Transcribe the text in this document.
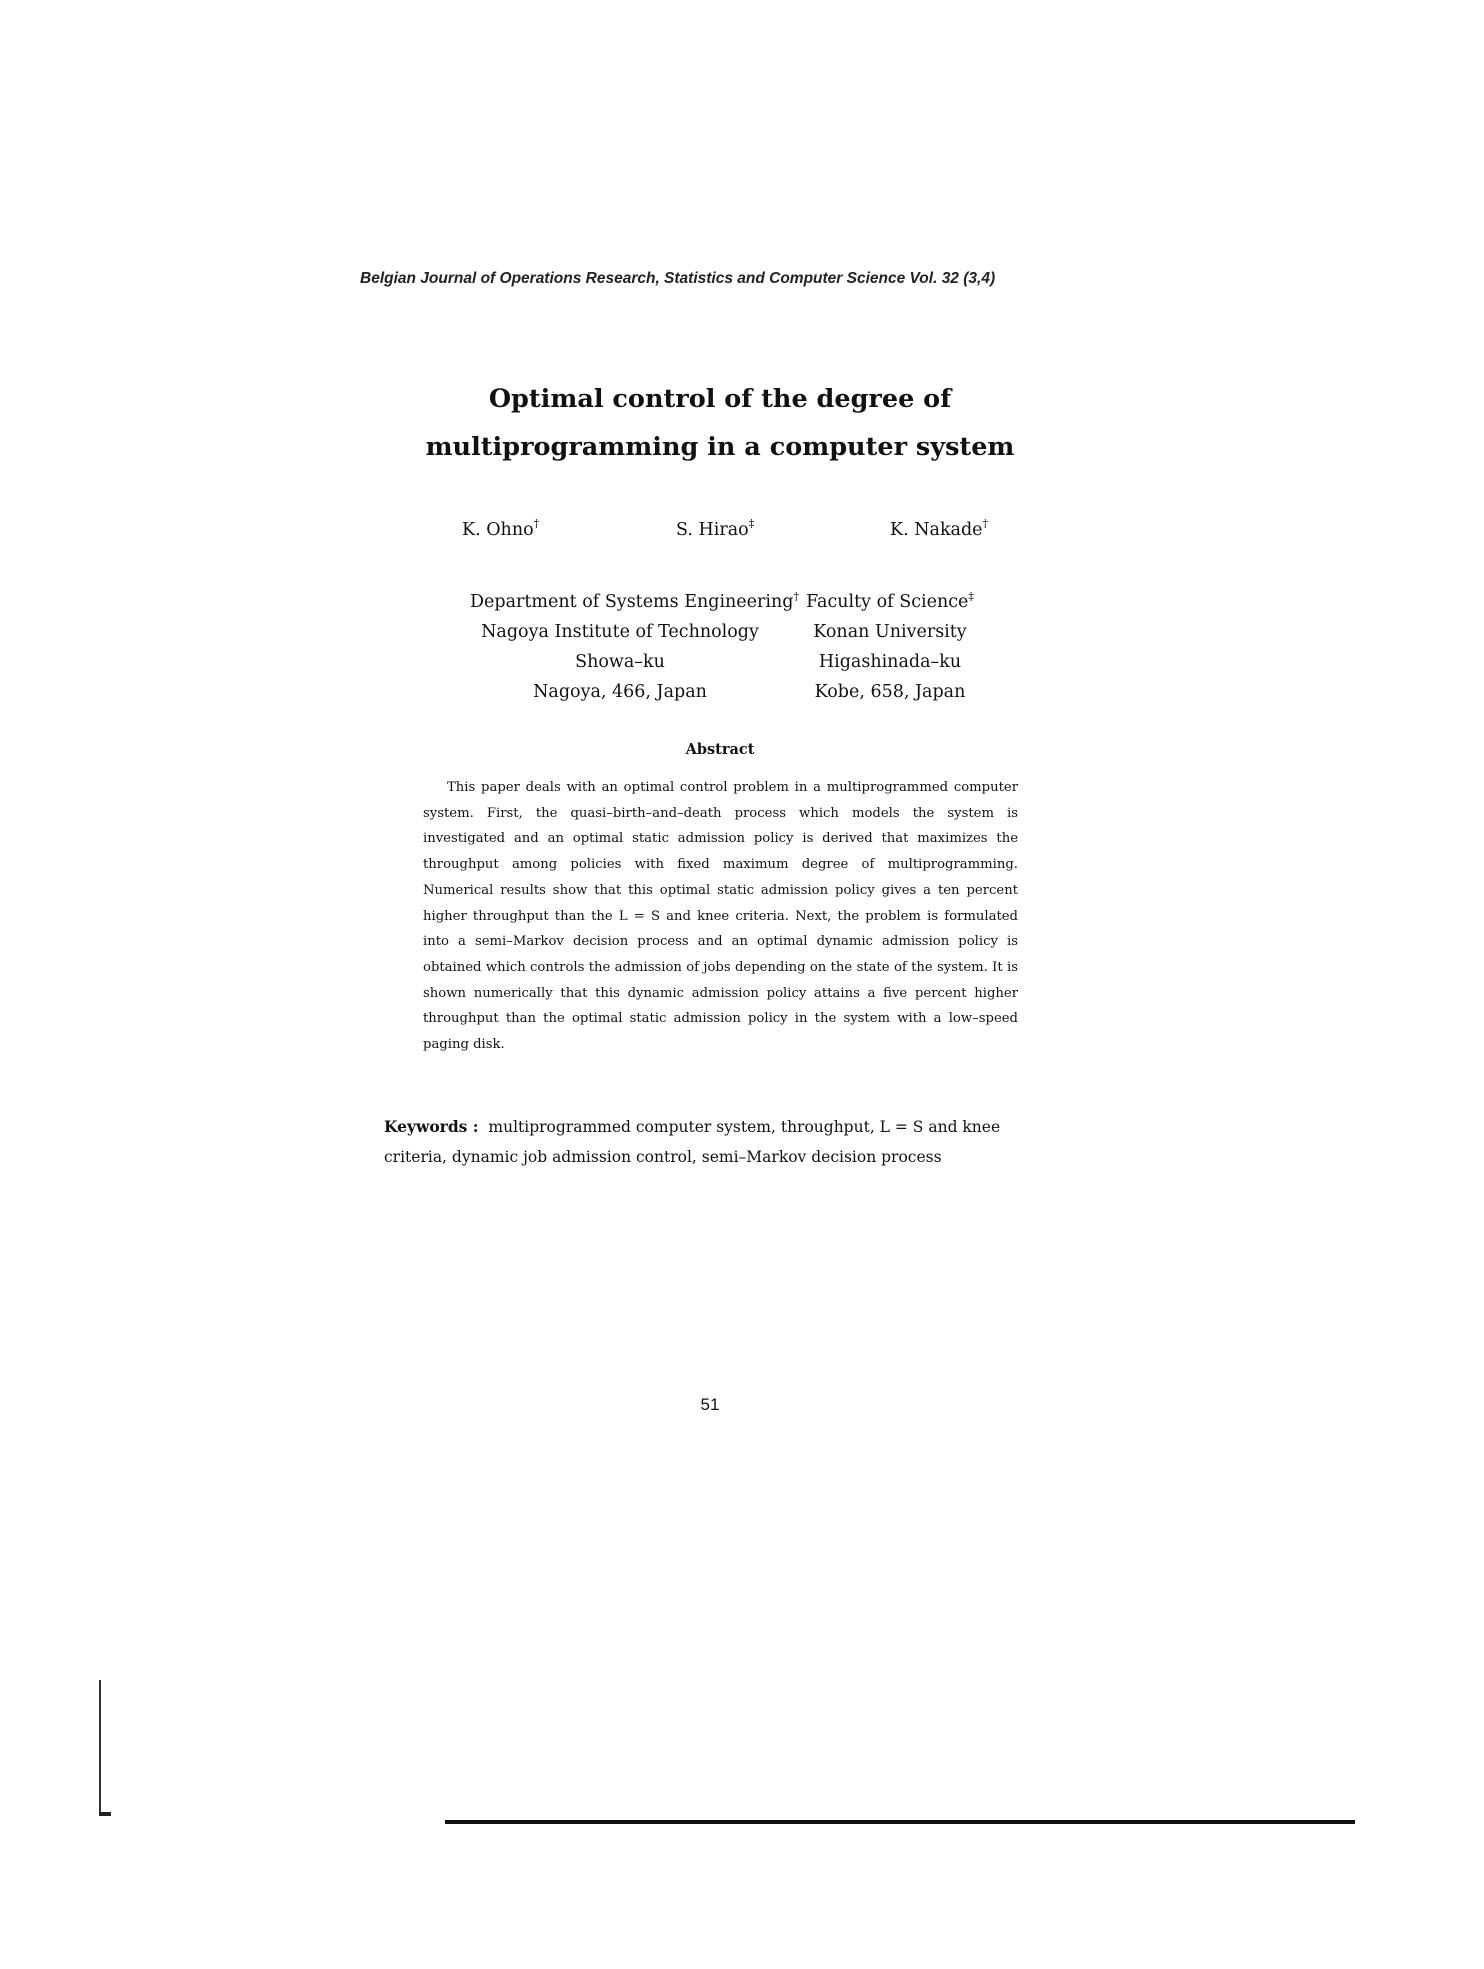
Belgian Journal of Operations Research, Statistics and Computer Science Vol. 32 (3,4)
Optimal control of the degree of
multiprogramming in a computer system
K. Ohno†	S. Hirao‡	K. Nakade†
Department of Systems Engineering†
Nagoya Institute of Technology
Showa–ku
Nagoya, 466, Japan
Faculty of Science‡
Konan University
Higashinada–ku
Kobe, 658, Japan
Abstract
This paper deals with an optimal control problem in a multiprogrammed computer system. First, the quasi–birth–and–death process which models the system is investigated and an optimal static admission policy is derived that maximizes the throughput among policies with fixed maximum degree of multiprogramming. Numerical results show that this optimal static admission policy gives a ten percent higher throughput than the L = S and knee criteria. Next, the problem is formulated into a semi–Markov decision process and an optimal dynamic admission policy is obtained which controls the admission of jobs depending on the state of the system. It is shown numerically that this dynamic admission policy attains a five percent higher throughput than the optimal static admission policy in the system with a low–speed paging disk.
Keywords : multiprogrammed computer system, throughput, L = S and knee criteria, dynamic job admission control, semi–Markov decision process
51
